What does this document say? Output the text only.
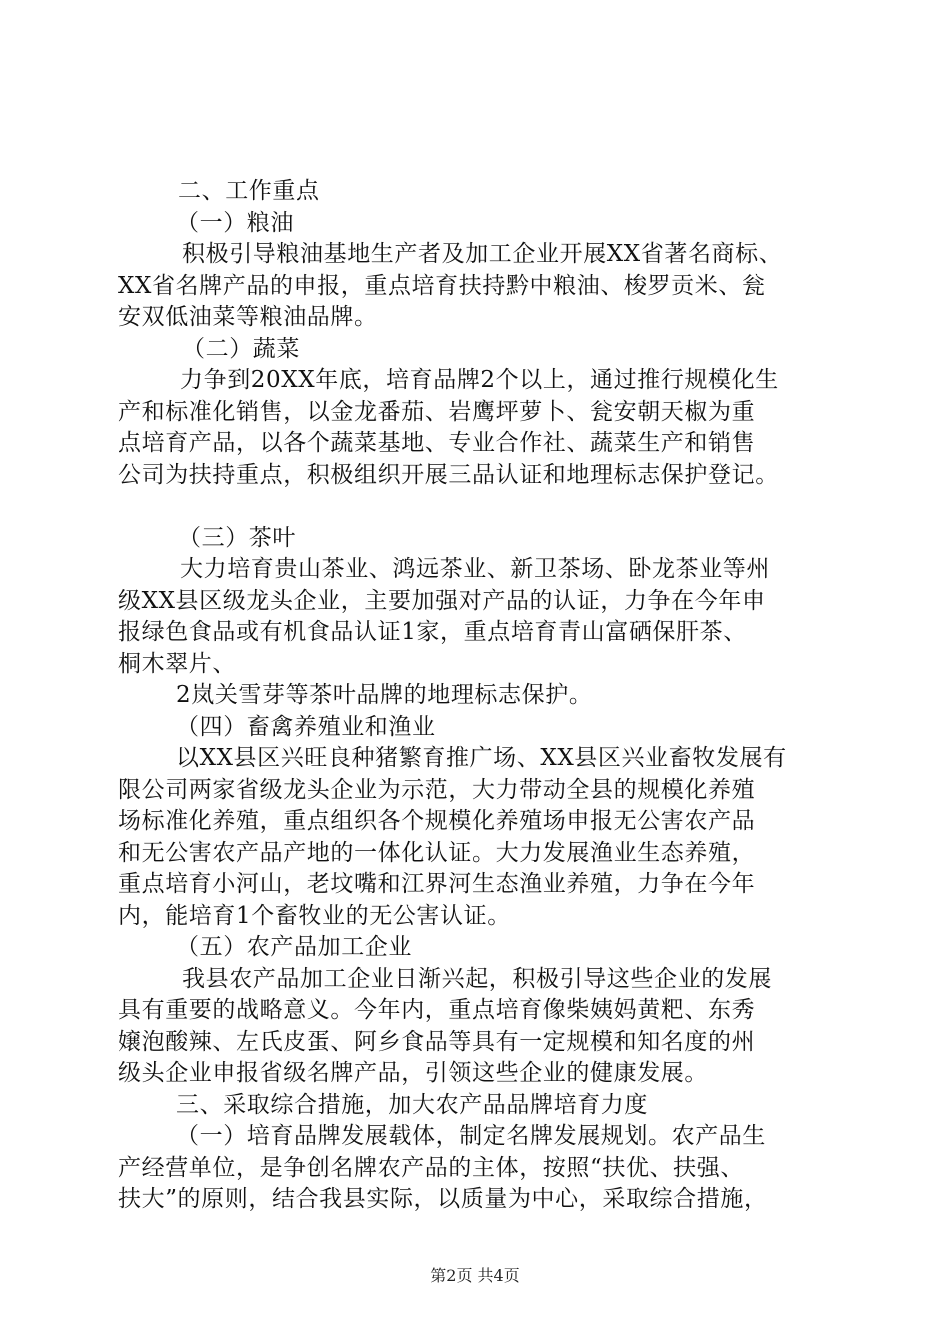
二、工作重点
（一）粮油
积极引导粮油基地生产者及加工企业开展XX省著名商标、
XX省名牌产品的申报，重点培育扶持黔中粮油、梭罗贡米、瓮
安双低油菜等粮油品牌。
（二）蔬菜
力争到20XX年底，培育品牌2个以上，通过推行规模化生
产和标准化销售，以金龙番茄、岩鹰坪萝卜、瓮安朝天椒为重
点培育产品，以各个蔬菜基地、专业合作社、蔬菜生产和销售
公司为扶持重点，积极组织开展三品认证和地理标志保护登记。
（三）茶叶
大力培育贵山茶业、鸿远茶业、新卫茶场、卧龙茶业等州
级XX县区级龙头企业，主要加强对产品的认证，力争在今年申
报绿色食品或有机食品认证1家，重点培育青山富硒保肝茶、
桐木翠片、
2岚关雪芽等茶叶品牌的地理标志保护。
（四）畜禽养殖业和渔业
以XX县区兴旺良种猪繁育推广场、XX县区兴业畜牧发展有
限公司两家省级龙头企业为示范，大力带动全县的规模化养殖
场标准化养殖，重点组织各个规模化养殖场申报无公害农产品
和无公害农产品产地的一体化认证。大力发展渔业生态养殖，
重点培育小河山，老坟嘴和江界河生态渔业养殖，力争在今年
内，能培育1个畜牧业的无公害认证。
（五）农产品加工企业
我县农产品加工企业日渐兴起，积极引导这些企业的发展
具有重要的战略意义。今年内，重点培育像柴姨妈黄粑、东秀
嬢泡酸辣、左氏皮蛋、阿乡食品等具有一定规模和知名度的州
级头企业申报省级名牌产品，引领这些企业的健康发展。
三、采取综合措施，加大农产品品牌培育力度
（一）培育品牌发展载体，制定名牌发展规划。农产品生
产经营单位，是争创名牌农产品的主体，按照“扶优、扶强、
扶大”的原则，结合我县实际，以质量为中心，采取综合措施，
第2页 共4页
